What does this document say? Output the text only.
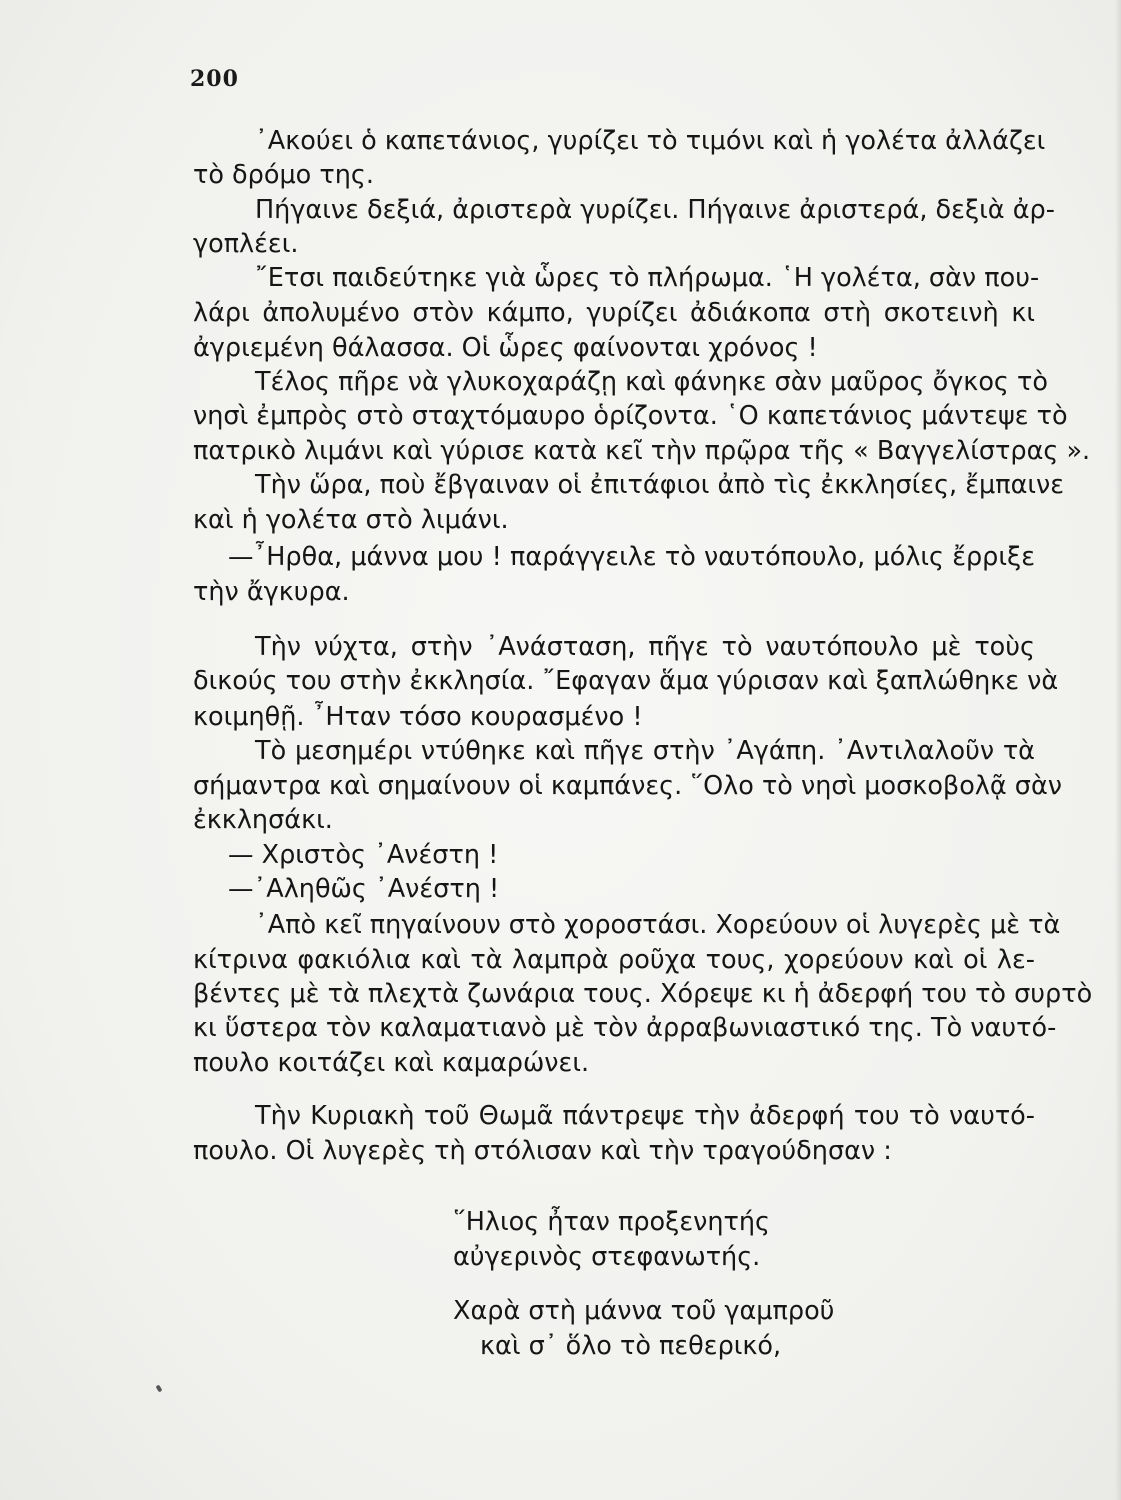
200
᾿Ακούει ὁ καπετάνιος, γυρίζει τὸ τιμόνι καὶ ἡ γολέτα ἀλλάζει
τὸ δρόμο της.
Πήγαινε δεξιά, ἀριστερὰ γυρίζει. Πήγαινε ἀριστερά, δεξιὰ ἀρ-
γοπλέει.
῎Ετσι παιδεύτηκε γιὰ ὧρες τὸ πλήρωμα. ῾Η γολέτα, σὰν που-
λάρι ἀπολυμένο στὸν κάμπο, γυρίζει ἀδιάκοπα στὴ σκοτεινὴ κι
ἀγριεμένη θάλασσα. Οἱ ὧρες φαίνονται χρόνος !
Τέλος πῆρε νὰ γλυκοχαράζῃ καὶ φάνηκε σὰν μαῦρος ὄγκος τὸ
νησὶ ἐμπρὸς στὸ σταχτόμαυρο ὁρίζοντα. ῾Ο καπετάνιος μάντεψε τὸ
πατρικὸ λιμάνι καὶ γύρισε κατὰ κεῖ τὴν πρῷρα τῆς « Βαγγελίστρας ».
Τὴν ὥρα, ποὺ ἔβγαιναν οἱ ἐπιτάφιοι ἀπὸ τὶς ἐκκλησίες, ἔμπαινε
καὶ ἡ γολέτα στὸ λιμάνι.
—῏Ηρθα, μάννα μου ! παράγγειλε τὸ ναυτόπουλο, μόλις ἔρριξε
τὴν ἄγκυρα.
Τὴν νύχτα, στὴν ᾿Ανάσταση, πῆγε τὸ ναυτόπουλο μὲ τοὺς
δικούς του στὴν ἐκκλησία. ῎Εφαγαν ἅμα γύρισαν καὶ ξαπλώθηκε νὰ
κοιμηθῇ. ῏Ηταν τόσο κουρασμένο !
Τὸ μεσημέρι ντύθηκε καὶ πῆγε στὴν ᾿Αγάπη. ᾿Αντιλαλοῦν τὰ
σήμαντρα καὶ σημαίνουν οἱ καμπάνες. ῞Ολο τὸ νησὶ μοσκοβολᾷ σὰν
ἐκκλησάκι.
— Χριστὸς ᾿Ανέστη !
—᾿Αληθῶς ᾿Ανέστη !
᾿Απὸ κεῖ πηγαίνουν στὸ χοροστάσι. Χορεύουν οἱ λυγερὲς μὲ τὰ
κίτρινα φακιόλια καὶ τὰ λαμπρὰ ροῦχα τους, χορεύουν καὶ οἱ λε-
βέντες μὲ τὰ πλεχτὰ ζωνάρια τους. Χόρεψε κι ἡ ἀδερφή του τὸ συρτὸ
κι ὕστερα τὸν καλαματιανὸ μὲ τὸν ἀρραβωνιαστικό της. Τὸ ναυτό-
πουλο κοιτάζει καὶ καμαρώνει.
Τὴν Κυριακὴ τοῦ Θωμᾶ πάντρεψε τὴν ἀδερφή του τὸ ναυτό-
πουλο. Οἱ λυγερὲς τὴ στόλισαν καὶ τὴν τραγούδησαν :
῞Ηλιος ἦταν προξενητής
αὐγερινὸς στεφανωτής.
Χαρὰ στὴ μάννα τοῦ γαμπροῦ
καὶ σ᾿ ὅλο τὸ πεθερικό,
